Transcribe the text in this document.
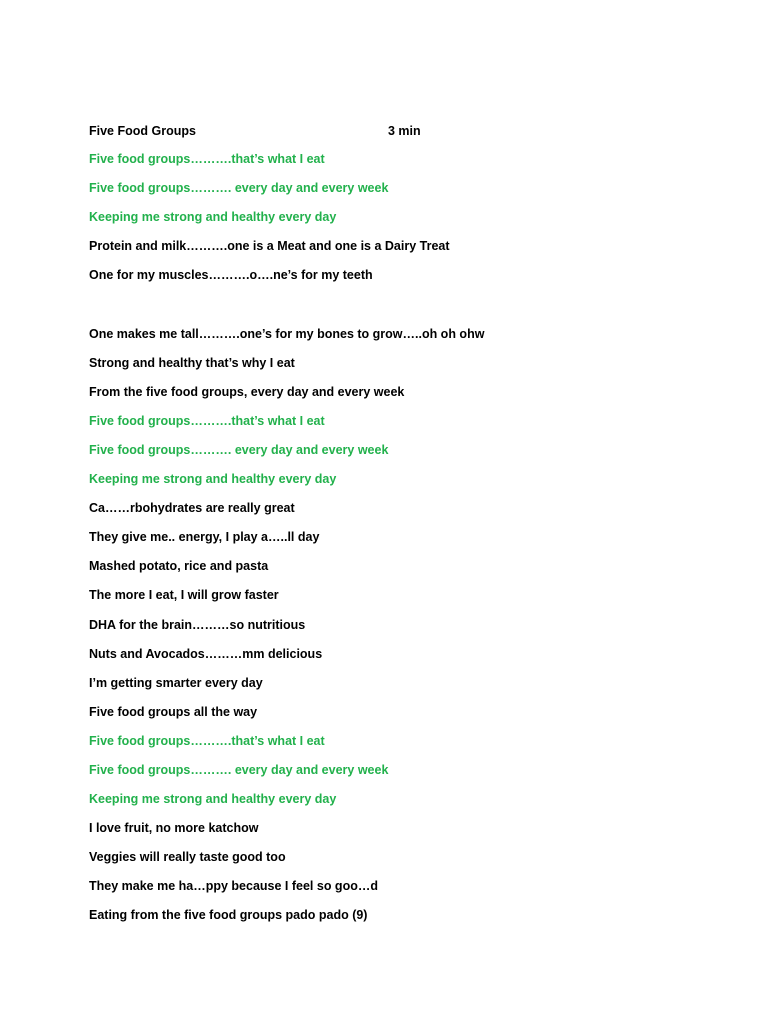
Five Food Groups	3 min
Five food groups……….that’s what I eat
Five food groups………. every day and every week
Keeping me strong and healthy every day
Protein and milk……….one is a Meat and one is a Dairy Treat
One for my muscles……….o….ne’s for my teeth
One makes me tall……….one’s for my bones to grow…..oh oh ohw
Strong and healthy that’s why I eat
From the five food groups, every day and every week
Five food groups……….that’s what I eat
Five food groups………. every day and every week
Keeping me strong and healthy every day
Ca……rbohydrates are really great
They give me.. energy, I play a…..ll day
Mashed potato, rice and pasta
The more I eat, I will grow faster
DHA for the brain………so nutritious
Nuts and Avocados………mm delicious
I’m getting smarter every day
Five food groups all the way
Five food groups……….that’s what I eat
Five food groups………. every day and every week
Keeping me strong and healthy every day
I love fruit, no more katchow
Veggies will really taste good too
They make me ha…ppy because I feel so goo…d
Eating from the five food groups pado pado (9)
